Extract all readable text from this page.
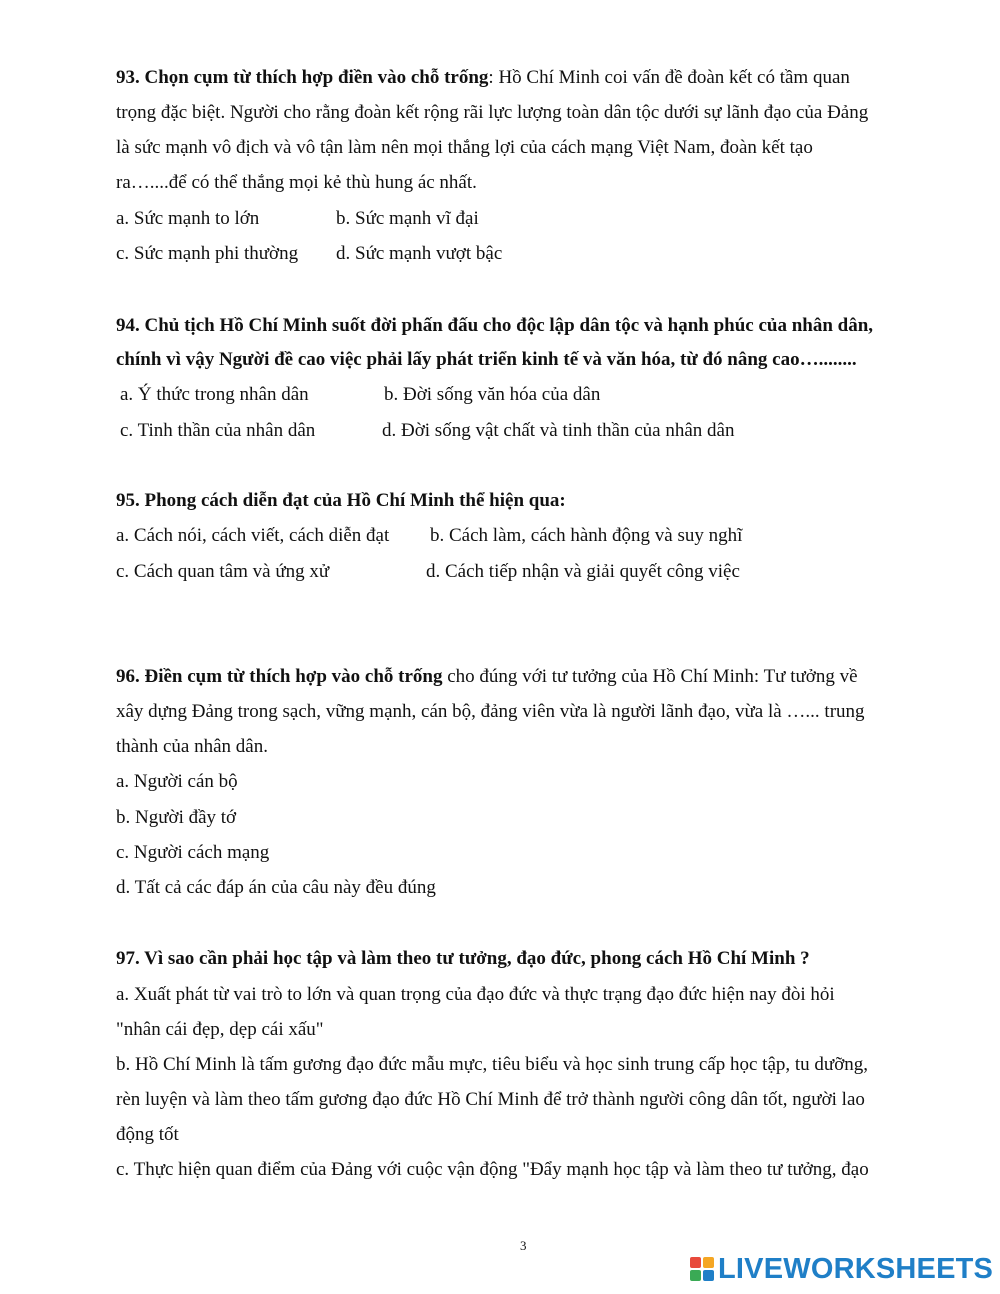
93. Chọn cụm từ thích hợp điền vào chỗ trống: Hồ Chí Minh coi vấn đề đoàn kết có tầm quan
trọng đặc biệt. Người cho rằng đoàn kết rộng rãi lực lượng toàn dân tộc dưới sự lãnh đạo của Đảng
là sức mạnh vô địch và vô tận làm nên mọi thắng lợi của cách mạng Việt Nam, đoàn kết tạo
ra…....để có thể thắng mọi kẻ thù hung ác nhất.
a. Sức mạnh to lớn	b. Sức mạnh vĩ đại
c. Sức mạnh phi thường d. Sức mạnh vượt bậc
94. Chủ tịch Hồ Chí Minh suốt đời phấn đấu cho độc lập dân tộc và hạnh phúc của nhân dân,
chính vì vậy Người đề cao việc phải lấy phát triển kinh tế và văn hóa, từ đó nâng cao…........
a. Ý thức trong nhân dân	b. Đời sống văn hóa của dân
c. Tinh thần của nhân dân	d. Đời sống vật chất và tinh thần của nhân dân
95. Phong cách diễn đạt của Hồ Chí Minh thể hiện qua:
a. Cách nói, cách viết, cách diễn đạt b. Cách làm, cách hành động và suy nghĩ
c. Cách quan tâm và ứng xử	d. Cách tiếp nhận và giải quyết công việc
96. Điền cụm từ thích hợp vào chỗ trống cho đúng với tư tưởng của Hồ Chí Minh: Tư tưởng về
xây dựng Đảng trong sạch, vững mạnh, cán bộ, đảng viên vừa là người lãnh đạo, vừa là …... trung
thành của nhân dân.
a. Người cán bộ
b. Người đầy tớ
c. Người cách mạng
d. Tất cả các đáp án của câu này đều đúng
97. Vì sao cần phải học tập và làm theo tư tưởng, đạo đức, phong cách Hồ Chí Minh ?
a. Xuất phát từ vai trò to lớn và quan trọng của đạo đức và thực trạng đạo đức hiện nay đòi hỏi
"nhân cái đẹp, dẹp cái xấu"
b. Hồ Chí Minh là tấm gương đạo đức mẫu mực, tiêu biểu và học sinh trung cấp học tập, tu dưỡng,
rèn luyện và làm theo tấm gương đạo đức Hồ Chí Minh để trở thành người công dân tốt, người lao
động tốt
c. Thực hiện quan điểm của Đảng với cuộc vận động "Đẩy mạnh học tập và làm theo tư tưởng, đạo
3
LIVEWORKSHEETS
